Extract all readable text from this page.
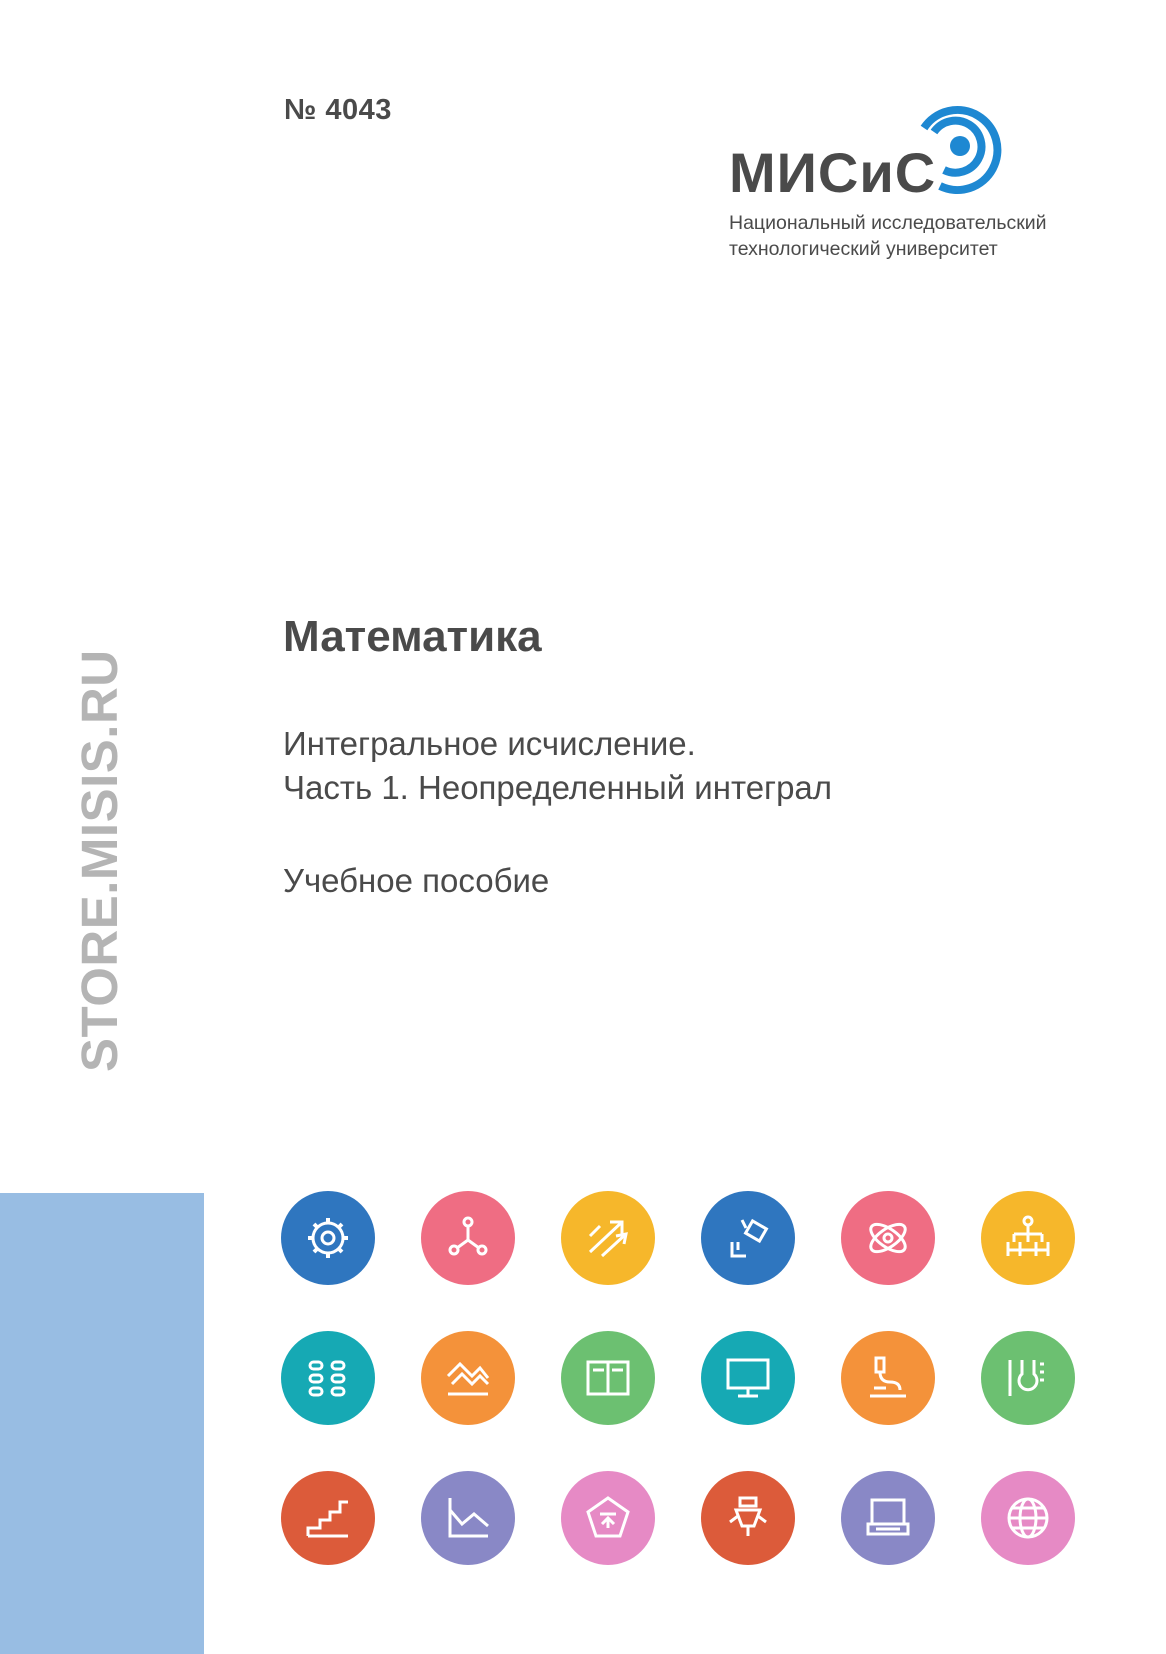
№ 4043
МИСиС
Национальный исследовательский
технологический университет
STORE.MISIS.RU
Математика
Интегральное исчисление.
Часть 1. Неопределенный интеграл
Учебное пособие
